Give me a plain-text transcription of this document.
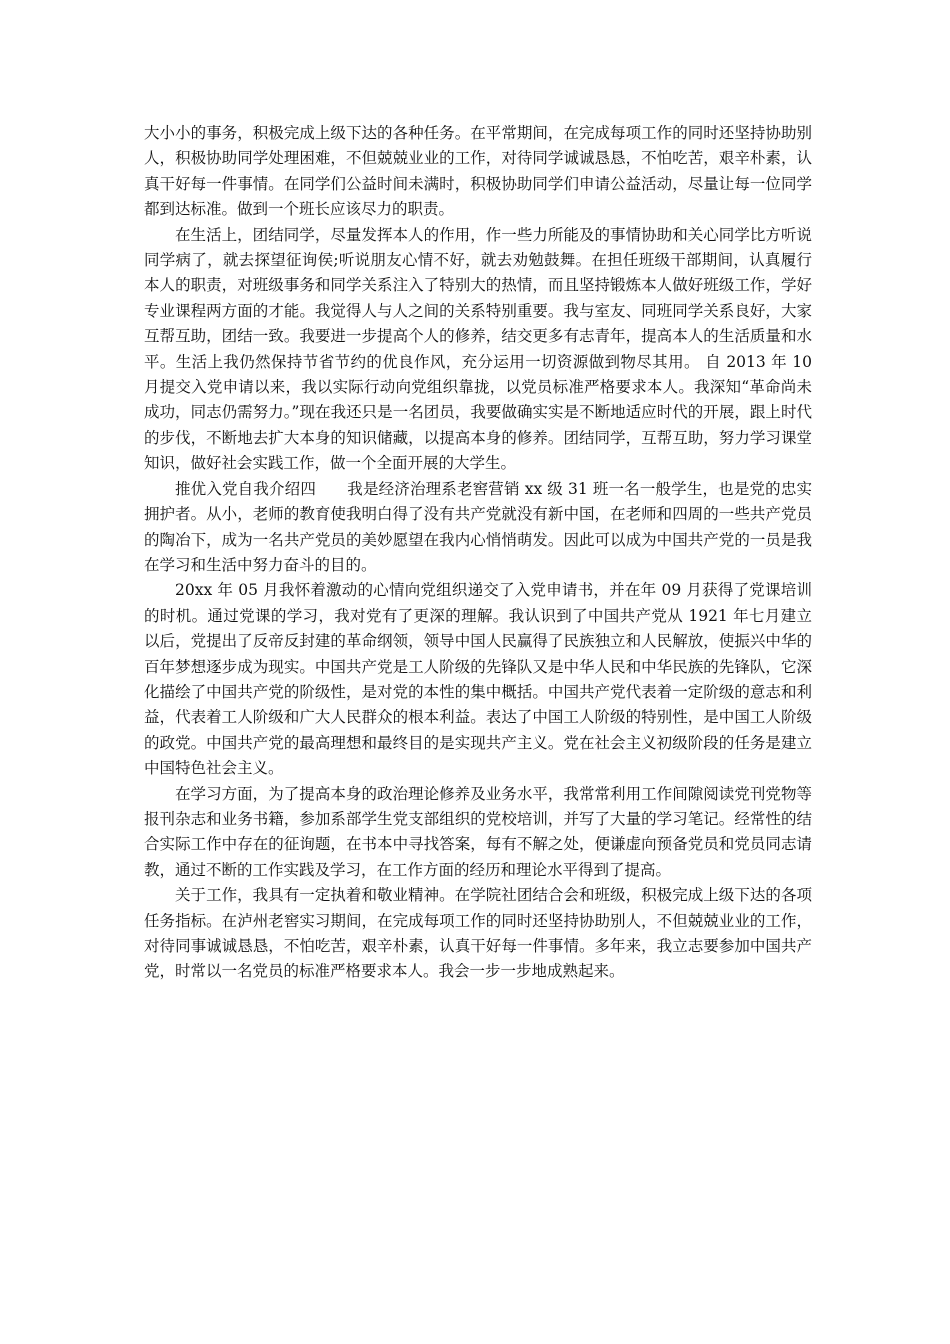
大小小的事务，积极完成上级下达的各种任务。在平常期间，在完成每项工作的同时还坚持协助别人，积极协助同学处理困难，不但兢兢业业的工作，对待同学诚诚恳恳，不怕吃苦，艰辛朴素，认真干好每一件事情。在同学们公益时间未满时，积极协助同学们申请公益活动，尽量让每一位同学都到达标准。做到一个班长应该尽力的职责。

在生活上，团结同学，尽量发挥本人的作用，作一些力所能及的事情协助和关心同学比方听说同学病了，就去探望征询侯;听说朋友心情不好，就去劝勉鼓舞。在担任班级干部期间，认真履行本人的职责，对班级事务和同学关系注入了特别大的热情，而且坚持锻炼本人做好班级工作，学好专业课程两方面的才能。我觉得人与人之间的关系特别重要。我与室友、同班同学关系良好，大家互帮互助，团结一致。我要进一步提高个人的修养，结交更多有志青年，提高本人的生活质量和水平。生活上我仍然保持节省节约的优良作风，充分运用一切资源做到物尽其用。 自 2013 年 10 月提交入党申请以来，我以实际行动向党组织靠拢，以党员标准严格要求本人。我深知“革命尚未成功，同志仍需努力。”现在我还只是一名团员，我要做确实实是不断地适应时代的开展，跟上时代的步伐，不断地去扩大本身的知识储藏，以提高本身的修养。团结同学，互帮互助，努力学习课堂知识，做好社会实践工作，做一个全面开展的大学生。

推优入党自我介绍四　　我是经济治理系老窖营销 xx 级 31 班一名一般学生，也是党的忠实拥护者。从小，老师的教育使我明白得了没有共产党就没有新中国，在老师和四周的一些共产党员的陶冶下，成为一名共产党员的美妙愿望在我内心悄悄萌发。因此可以成为中国共产党的一员是我在学习和生活中努力奋斗的目的。

20xx 年 05 月我怀着激动的心情向党组织递交了入党申请书，并在年 09 月获得了党课培训的时机。通过党课的学习，我对党有了更深的理解。我认识到了中国共产党从 1921 年七月建立以后，党提出了反帝反封建的革命纲领，领导中国人民赢得了民族独立和人民解放，使振兴中华的百年梦想逐步成为现实。中国共产党是工人阶级的先锋队又是中华人民和中华民族的先锋队，它深化描绘了中国共产党的阶级性，是对党的本性的集中概括。中国共产党代表着一定阶级的意志和利益，代表着工人阶级和广大人民群众的根本利益。表达了中国工人阶级的特别性，是中国工人阶级的政党。中国共产党的最高理想和最终目的是实现共产主义。党在社会主义初级阶段的任务是建立中国特色社会主义。

在学习方面，为了提高本身的政治理论修养及业务水平，我常常利用工作间隙阅读党刊党物等报刊杂志和业务书籍，参加系部学生党支部组织的党校培训，并写了大量的学习笔记。经常性的结合实际工作中存在的征询题，在书本中寻找答案，每有不解之处，便谦虚向预备党员和党员同志请教，通过不断的工作实践及学习，在工作方面的经历和理论水平得到了提高。

关于工作，我具有一定执着和敬业精神。在学院社团结合会和班级，积极完成上级下达的各项任务指标。在泸州老窖实习期间，在完成每项工作的同时还坚持协助别人，不但兢兢业业的工作，对待同事诚诚恳恳，不怕吃苦，艰辛朴素，认真干好每一件事情。多年来，我立志要参加中国共产党，时常以一名党员的标准严格要求本人。我会一步一步地成熟起来。
